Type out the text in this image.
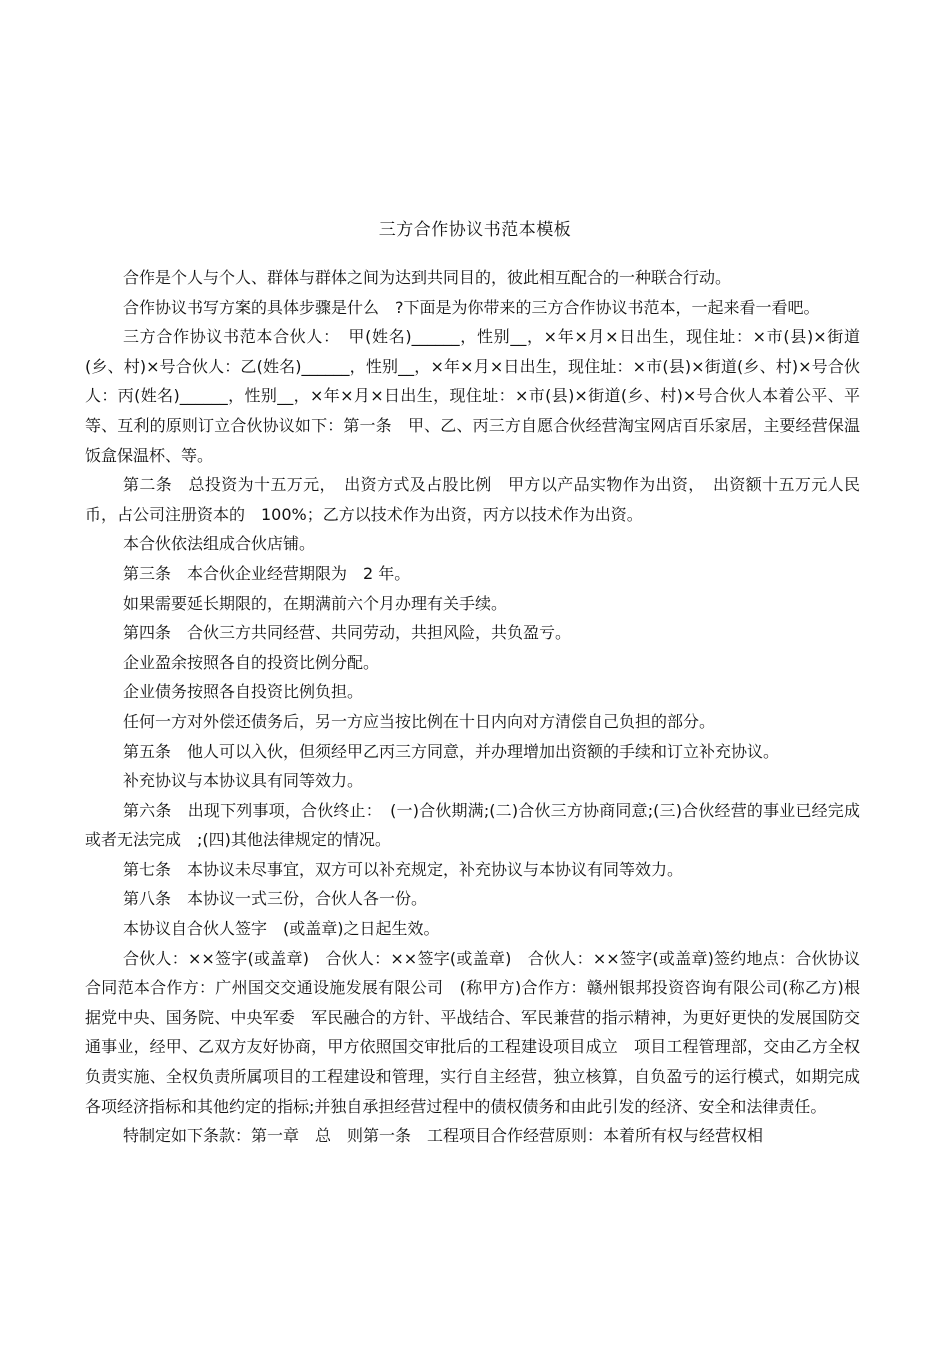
三方合作协议书范本模板

合作是个人与个人、群体与群体之间为达到共同目的，彼此相互配合的一种联合行动。

合作协议书写方案的具体步骤是什么　?下面是为你带来的三方合作协议书范本，一起来看一看吧。

三方合作协议书范本合伙人：　甲(姓名)______，性别__，×年×月×日出生，现住址：×市(县)×街道(乡、村)×号合伙人：乙(姓名)______，性别__，×年×月×日出生，现住址：×市(县)×街道(乡、村)×号合伙人：丙(姓名)______，性别__，×年×月×日出生，现住址：×市(县)×街道(乡、村)×号合伙人本着公平、平等、互利的原则订立合伙协议如下：第一条　甲、乙、丙三方自愿合伙经营淘宝网店百乐家居，主要经营保温饭盒保温杯、等。

第二条　总投资为十五万元，　出资方式及占股比例　甲方以产品实物作为出资，　出资额十五万元人民币，占公司注册资本的　100%；乙方以技术作为出资，丙方以技术作为出资。

本合伙依法组成合伙店铺。

第三条　本合伙企业经营期限为　2 年。

如果需要延长期限的，在期满前六个月办理有关手续。

第四条　合伙三方共同经营、共同劳动，共担风险，共负盈亏。

企业盈余按照各自的投资比例分配。

企业债务按照各自投资比例负担。

任何一方对外偿还债务后，另一方应当按比例在十日内向对方清偿自己负担的部分。

第五条　他人可以入伙，但须经甲乙丙三方同意，并办理增加出资额的手续和订立补充协议。

补充协议与本协议具有同等效力。

第六条　出现下列事项，合伙终止：　(一)合伙期满;(二)合伙三方协商同意;(三)合伙经营的事业已经完成或者无法完成　;(四)其他法律规定的情况。

第七条　本协议未尽事宜，双方可以补充规定，补充协议与本协议有同等效力。

第八条　本协议一式三份，合伙人各一份。

本协议自合伙人签字　(或盖章)之日起生效。

合伙人：××签字(或盖章)　合伙人：××签字(或盖章)　合伙人：××签字(或盖章)签约地点：合伙协议合同范本合作方：广州国交交通设施发展有限公司　(称甲方)合作方：赣州银邦投资咨询有限公司(称乙方)根据党中央、国务院、中央军委　军民融合的方针、平战结合、军民兼营的指示精神，为更好更快的发展国防交通事业，经甲、乙双方友好协商，甲方依照国交审批后的工程建设项目成立　项目工程管理部，交由乙方全权负责实施、全权负责所属项目的工程建设和管理，实行自主经营，独立核算，自负盈亏的运行模式，如期完成各项经济指标和其他约定的指标;并独自承担经营过程中的债权债务和由此引发的经济、安全和法律责任。

特制定如下条款：第一章　总　则第一条　工程项目合作经营原则：本着所有权与经营权相
